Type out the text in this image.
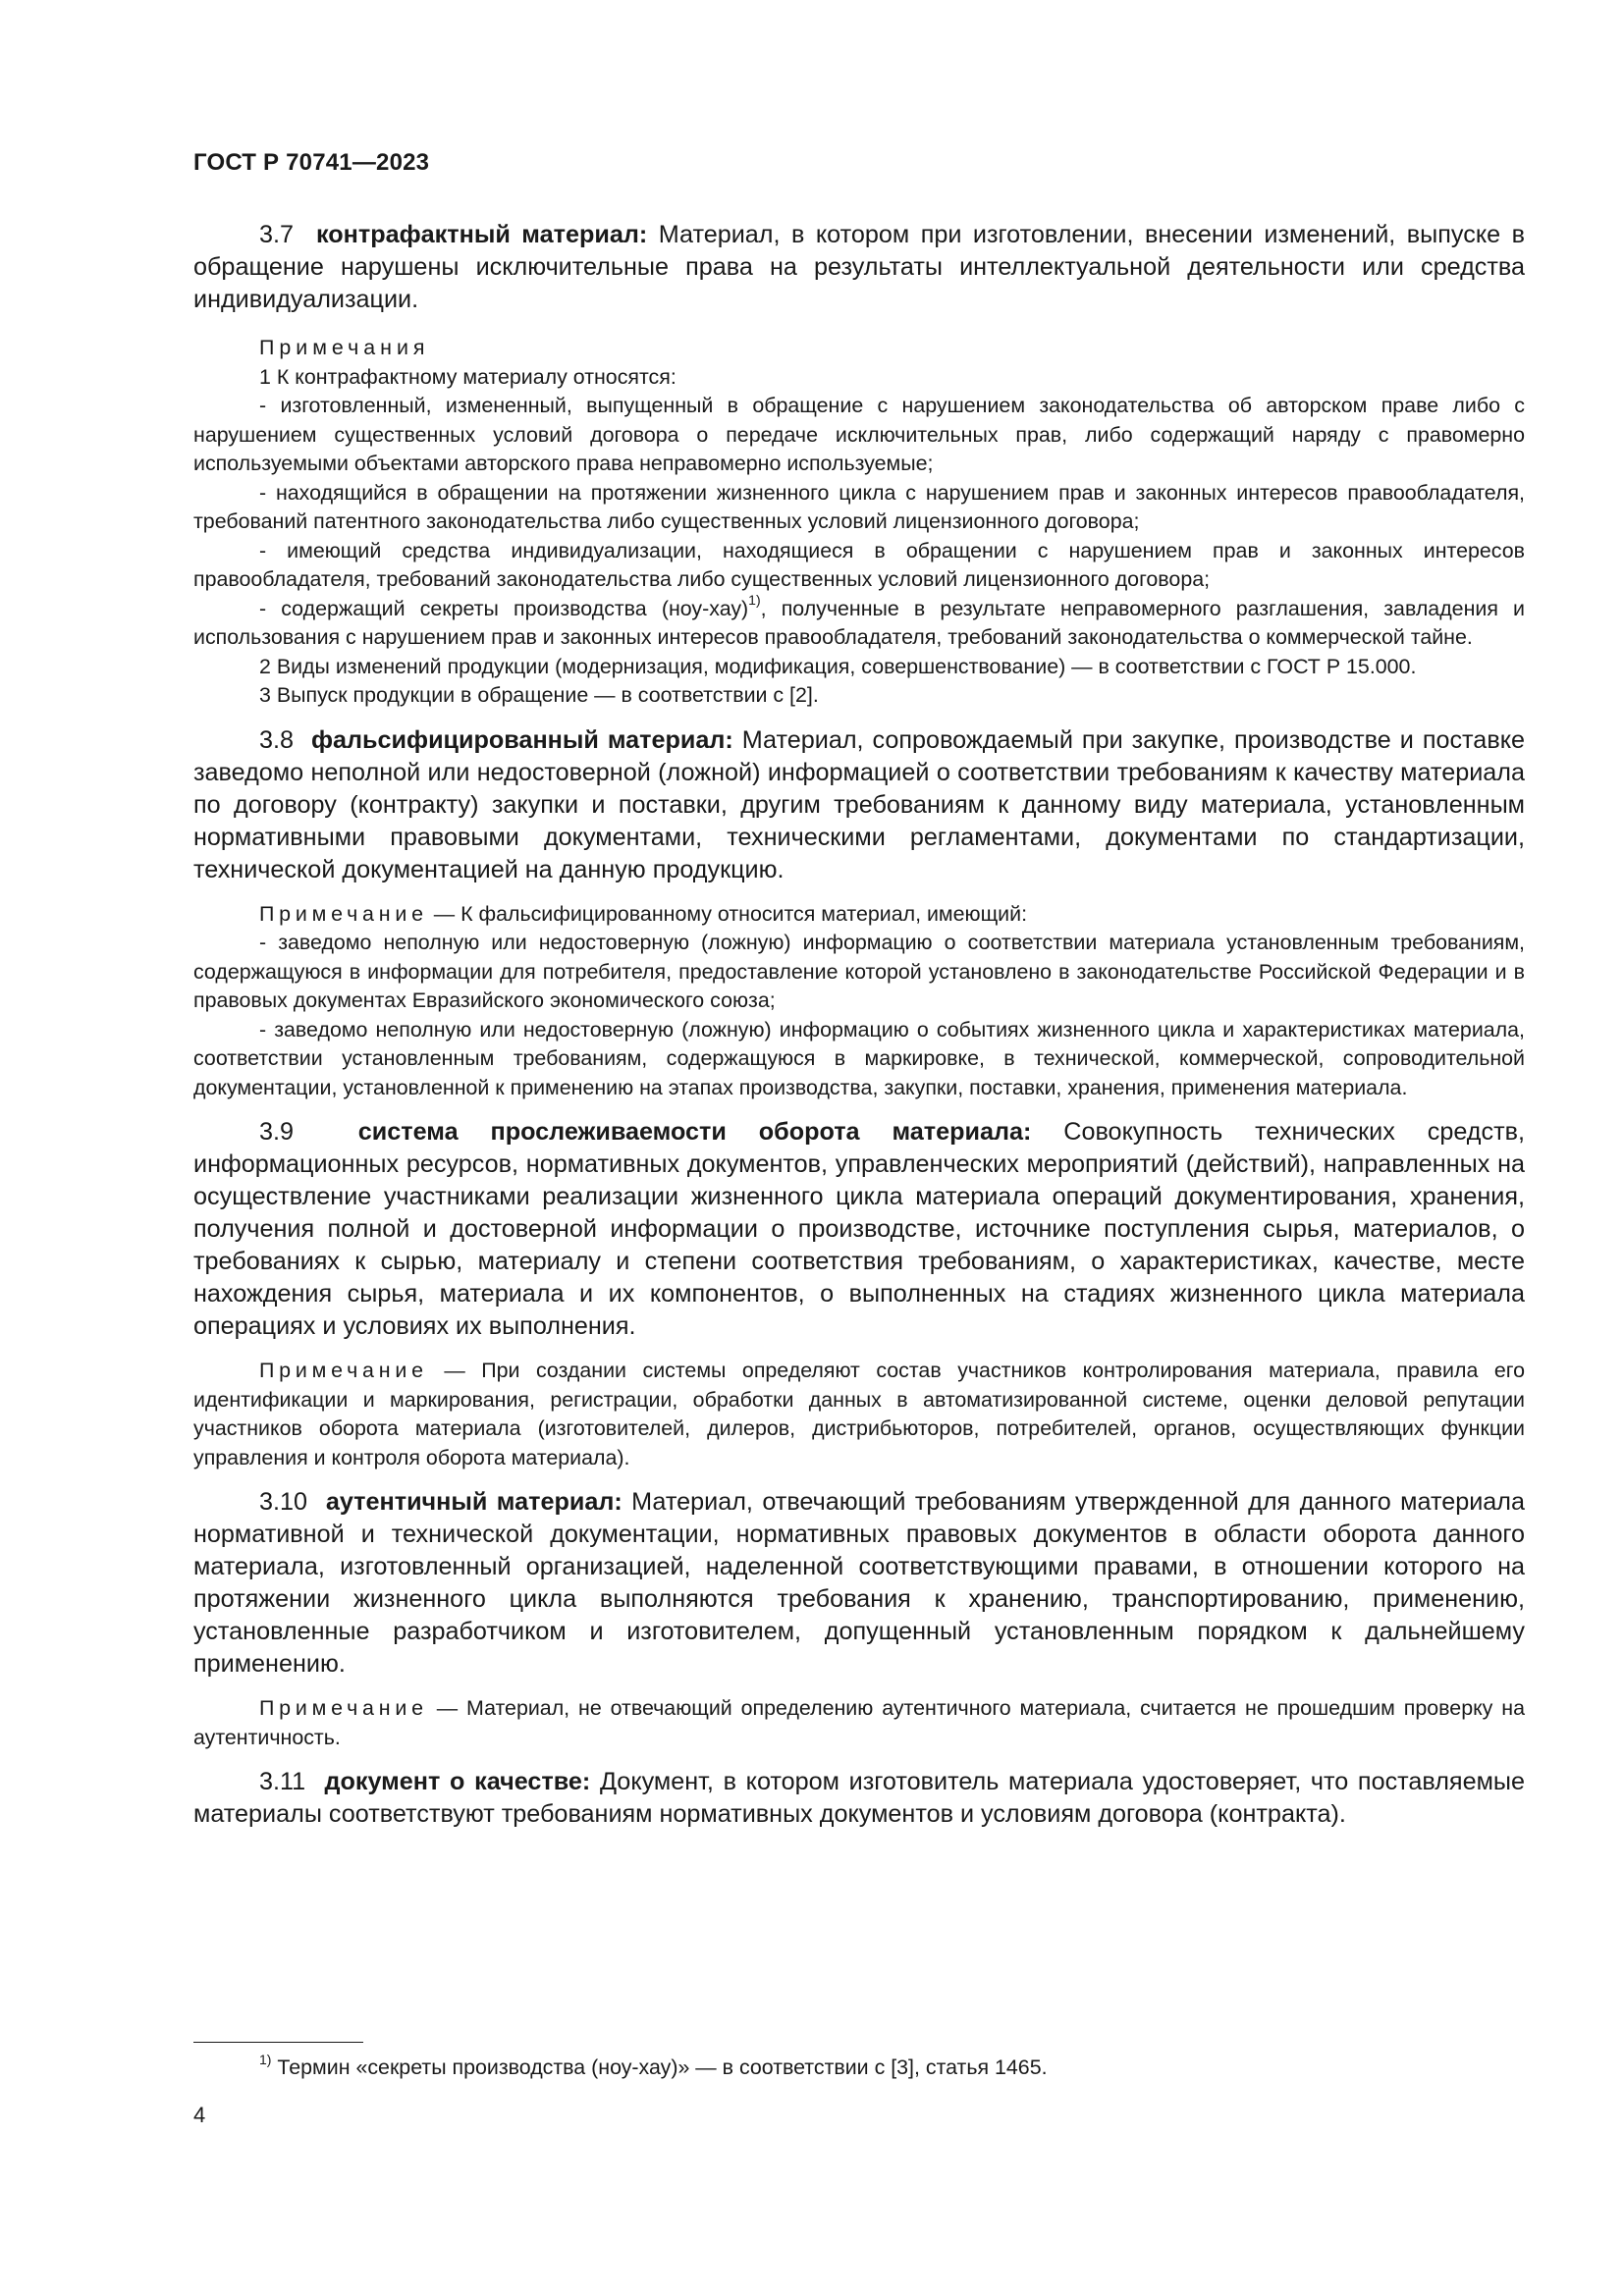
ГОСТ Р 70741—2023

3.7 контрафактный материал: Материал, в котором при изготовлении, внесении изменений, выпуске в обращение нарушены исключительные права на результаты интеллектуальной деятельности или средства индивидуализации.

Примечания

1 К контрафактному материалу относятся:

- изготовленный, измененный, выпущенный в обращение с нарушением законодательства об авторском праве либо с нарушением существенных условий договора о передаче исключительных прав, либо содержащий наряду с правомерно используемыми объектами авторского права неправомерно используемые;

- находящийся в обращении на протяжении жизненного цикла с нарушением прав и законных интересов правообладателя, требований патентного законодательства либо существенных условий лицензионного договора;

- имеющий средства индивидуализации, находящиеся в обращении с нарушением прав и законных интересов правообладателя, требований законодательства либо существенных условий лицензионного договора;

- содержащий секреты производства $(ноу-хау)^{1)}$, полученные в результате неправомерного разглашения, завладения и использования с нарушением прав и законных интересов правообладателя, требований законодательства о коммерческой тайне.

2 Виды изменений продукции (модернизация, модификация, совершенствование) — в соответствии с ГОСТ Р 15.000.

3 Выпуск продукции в обращение — в соответствии с [2].

3.8 фальсифицированный материал: Материал, сопровождаемый при закупке, производстве и поставке заведомо неполной или недостоверной (ложной) информацией о соответствии требованиям к качеству материала по договору (контракту) закупки и поставки, другим требованиям к данному виду материала, установленным нормативными правовыми документами, техническими регламентами, документами по стандартизации, технической документацией на данную продукцию.

Примечание — К фальсифицированному относится материал, имеющий:

- заведомо неполную или недостоверную (ложную) информацию о соответствии материала установленным требованиям, содержащуюся в информации для потребителя, предоставление которой установлено в законодательстве Российской Федерации и в правовых документах Евразийского экономического союза;

- заведомо неполную или недостоверную (ложную) информацию о событиях жизненного цикла и характеристиках материала, соответствии установленным требованиям, содержащуюся в маркировке, в технической, коммерческой, сопроводительной документации, установленной к применению на этапах производства, закупки, поставки, хранения, применения материала.

3.9	система прослеживаемости оборота материала: Совокупность технических средств, информационных ресурсов, нормативных документов, управленческих мероприятий (действий), направленных на осуществление участниками реализации жизненного цикла материала операций документирования, хранения, получения полной и достоверной информации о производстве, источнике поступления сырья, материалов, о требованиях к сырью, материалу и степени соответствия требованиям, о характеристиках, качестве, месте нахождения сырья, материала и их компонентов, о выполненных на стадиях жизненного цикла материала операциях и условиях их выполнения.

Примечание — При создании системы определяют состав участников контролирования материала, правила его идентификации и маркирования, регистрации, обработки данных в автоматизированной системе, оценки деловой репутации участников оборота материала (изготовителей, дилеров, дистрибьюторов, потребителей, органов, осуществляющих функции управления и контроля оборота материала).

3.10 аутентичный материал: Материал, отвечающий требованиям утвержденной для данного материала нормативной и технической документации, нормативных правовых документов в области оборота данного материала, изготовленный организацией, наделенной соответствующими правами, в отношении которого на протяжении жизненного цикла выполняются требования к хранению, транспортированию, применению, установленные разработчиком и изготовителем, допущенный установленным порядком к дальнейшему применению.

Примечание — Материал, не отвечающий определению аутентичного материала, считается не прошедшим проверку на аутентичность.

3.11 документ о качестве: Документ, в котором изготовитель материала удостоверяет, что поставляемые материалы соответствуют требованиям нормативных документов и условиям договора (контракта).

$^{1)}$ Термин «секреты производства (ноу-хау)» — в соответствии с [3], статья 1465.
4
